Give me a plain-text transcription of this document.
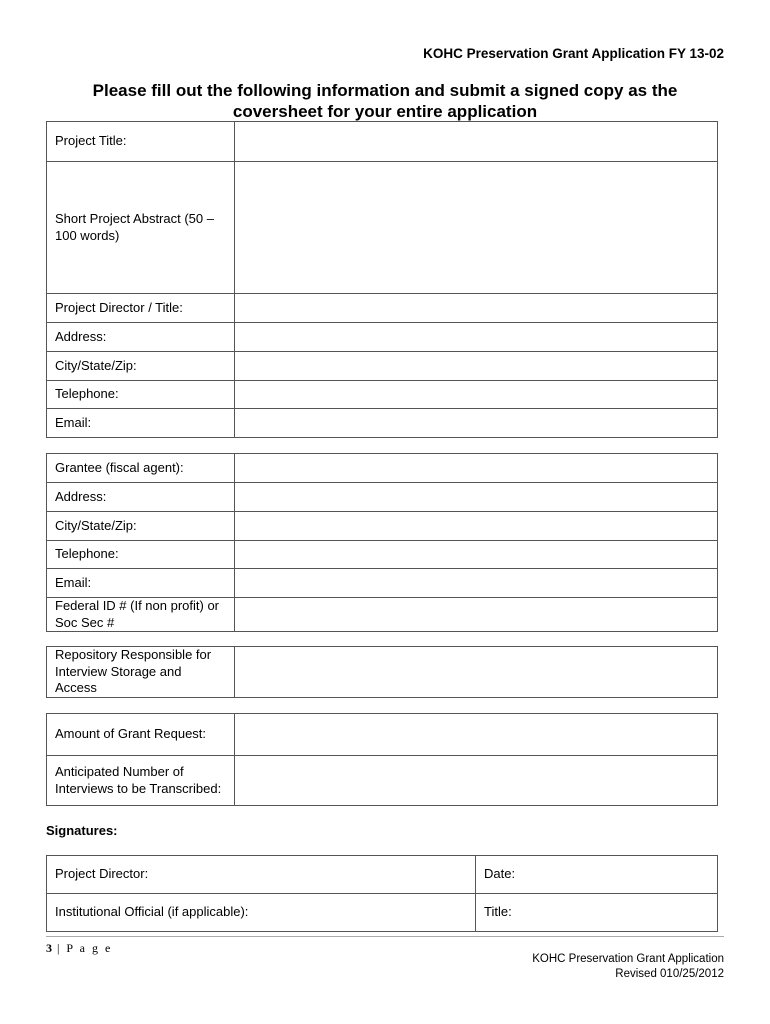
KOHC Preservation Grant Application FY 13-02
Please fill out the following information and submit a signed copy as the
coversheet for your entire application
Project Title:	
Short Project Abstract (50 – 100 words)	
Project Director / Title:	
Address:	
City/State/Zip:	
Telephone:	
Email:	
Grantee (fiscal agent):	
Address:	
City/State/Zip:	
Telephone:	
Email:	
Federal ID # (If non profit) or Soc Sec #	
Repository Responsible for Interview Storage and Access	
Amount of Grant Request:	
Anticipated Number of Interviews to be Transcribed:	
Signatures:
Project Director:	Date:
Institutional Official (if applicable):	Title:
3 | P a g e
KOHC Preservation Grant Application
Revised 010/25/2012
